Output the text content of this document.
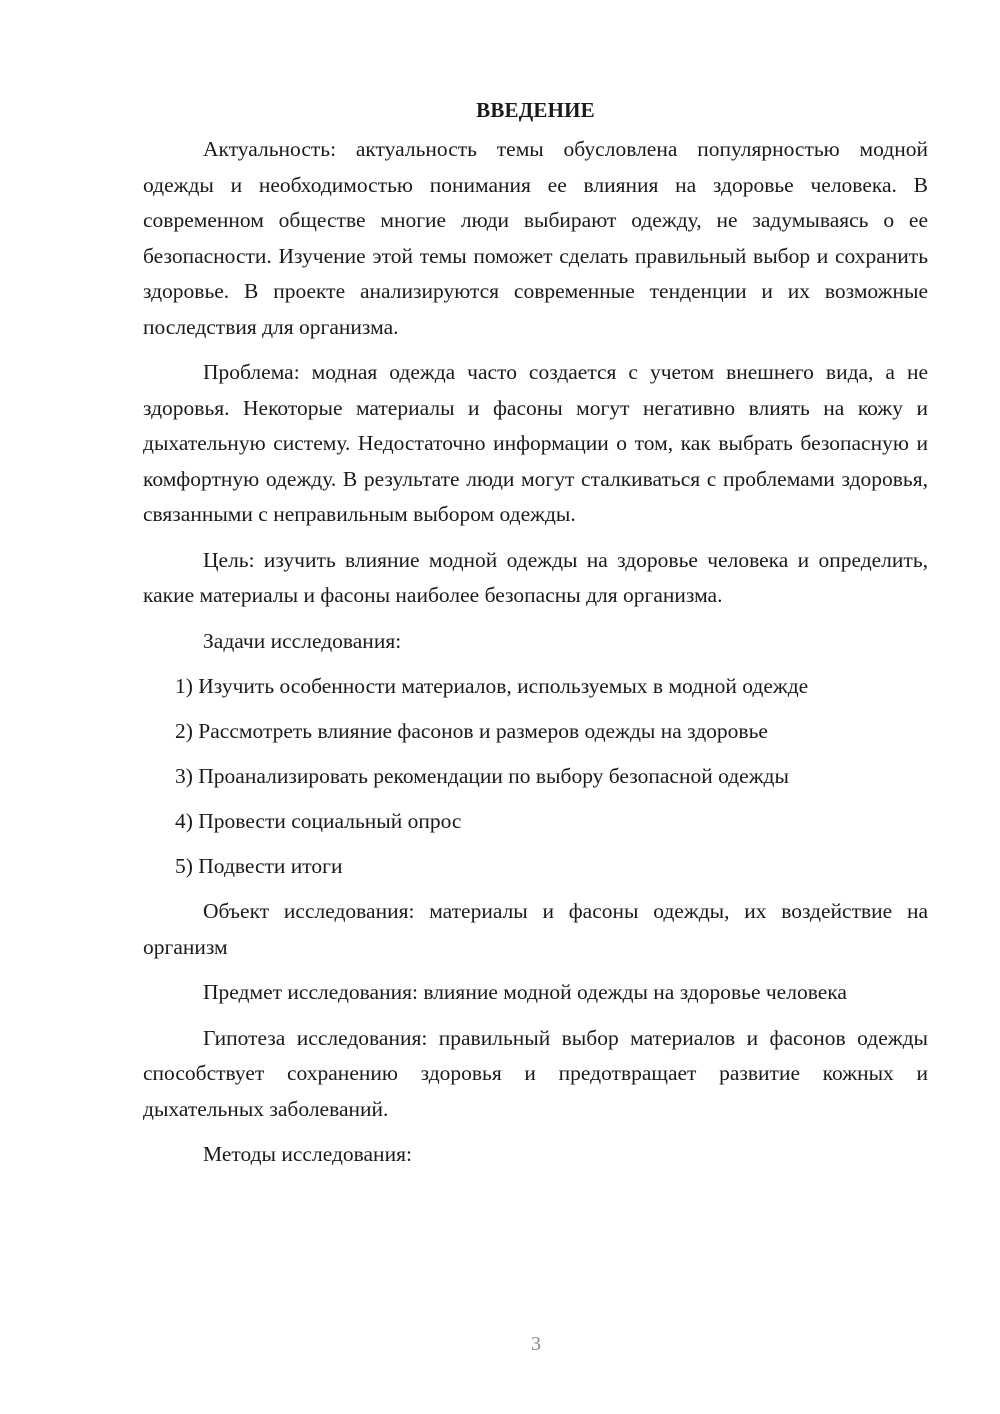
ВВЕДЕНИЕ

Актуальность: актуальность темы обусловлена популярностью модной одежды и необходимостью понимания ее влияния на здоровье человека. В современном обществе многие люди выбирают одежду, не задумываясь о ее безопасности. Изучение этой темы поможет сделать правильный выбор и сохранить здоровье. В проекте анализируются современные тенденции и их возможные последствия для организма.

Проблема: модная одежда часто создается с учетом внешнего вида, а не здоровья. Некоторые материалы и фасоны могут негативно влиять на кожу и дыхательную систему. Недостаточно информации о том, как выбрать безопасную и комфортную одежду. В результате люди могут сталкиваться с проблемами здоровья, связанными с неправильным выбором одежды.

Цель: изучить влияние модной одежды на здоровье человека и определить, какие материалы и фасоны наиболее безопасны для организма.

Задачи исследования:

1) Изучить особенности материалов, используемых в модной одежде
2) Рассмотреть влияние фасонов и размеров одежды на здоровье
3) Проанализировать рекомендации по выбору безопасной одежды
4) Провести социальный опрос
5) Подвести итоги

Объект исследования: материалы и фасоны одежды, их воздействие на организм

Предмет исследования: влияние модной одежды на здоровье человека

Гипотеза исследования: правильный выбор материалов и фасонов одежды способствует сохранению здоровья и предотвращает развитие кожных и дыхательных заболеваний.

Методы исследования:

3
